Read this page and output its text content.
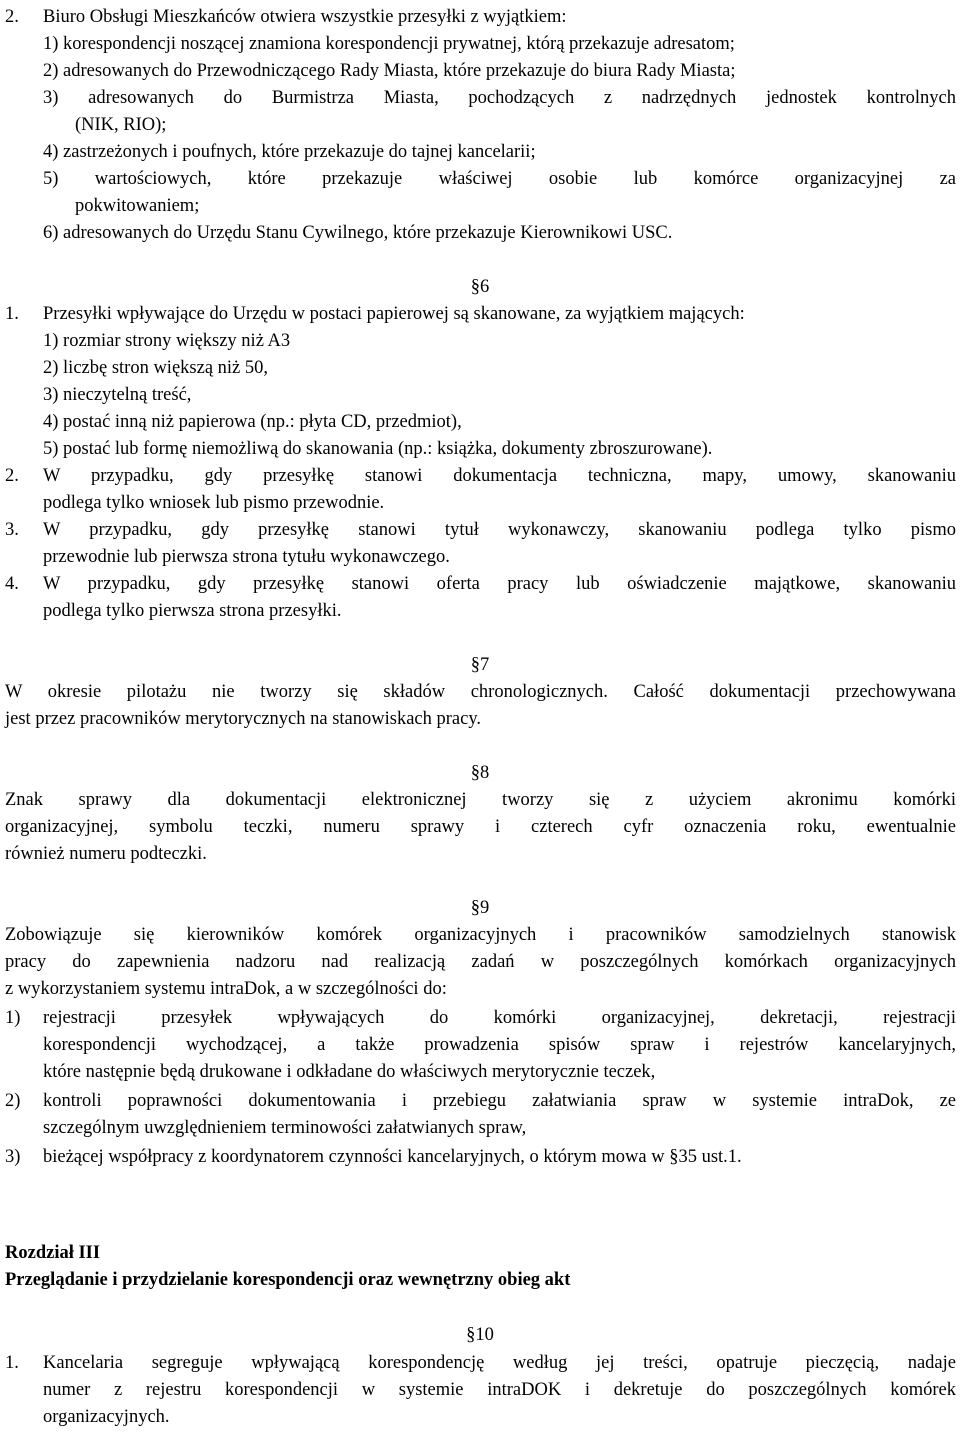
2. Biuro Obsługi Mieszkańców otwiera wszystkie przesyłki z wyjątkiem:
1) korespondencji noszącej znamiona korespondencji prywatnej, którą przekazuje adresatom;
2) adresowanych do Przewodniczącego Rady Miasta, które przekazuje do biura Rady Miasta;
3) adresowanych do Burmistrza Miasta, pochodzących z nadrzędnych jednostek kontrolnych
(NIK, RIO);
4) zastrzeżonych i poufnych, które przekazuje do tajnej kancelarii;
5) wartościowych, które przekazuje właściwej osobie lub komórce organizacyjnej za
pokwitowaniem;
6) adresowanych do Urzędu Stanu Cywilnego, które przekazuje Kierownikowi USC.
§6
1. Przesyłki wpływające do Urzędu w postaci papierowej są skanowane, za wyjątkiem mających:
1) rozmiar strony większy niż A3
2) liczbę stron większą niż 50,
3) nieczytelną treść,
4) postać inną niż papierowa (np.: płyta CD, przedmiot),
5) postać lub formę niemożliwą do skanowania (np.: książka, dokumenty zbroszurowane).
2. W przypadku, gdy przesyłkę stanowi dokumentacja techniczna, mapy, umowy, skanowaniu
podlega tylko wniosek lub pismo przewodnie.
3. W przypadku, gdy przesyłkę stanowi tytuł wykonawczy, skanowaniu podlega tylko pismo
przewodnie lub pierwsza strona tytułu wykonawczego.
4. W przypadku, gdy przesyłkę stanowi oferta pracy lub oświadczenie majątkowe, skanowaniu
podlega tylko pierwsza strona przesyłki.
§7
W okresie pilotażu nie tworzy się składów chronologicznych. Całość dokumentacji przechowywana
jest przez pracowników merytorycznych na stanowiskach pracy.
§8
Znak sprawy dla dokumentacji elektronicznej tworzy się z użyciem akronimu komórki
organizacyjnej, symbolu teczki, numeru sprawy i czterech cyfr oznaczenia roku, ewentualnie
również numeru podteczki.
§9
Zobowiązuje się kierowników komórek organizacyjnych i pracowników samodzielnych stanowisk
pracy do zapewnienia nadzoru nad realizacją zadań w poszczególnych komórkach organizacyjnych
z wykorzystaniem systemu intraDok, a w szczególności do:
1) rejestracji przesyłek wpływających do komórki organizacyjnej, dekretacji, rejestracji
korespondencji wychodzącej, a także prowadzenia spisów spraw i rejestrów kancelaryjnych,
które następnie będą drukowane i odkładane do właściwych merytorycznie teczek,
2) kontroli poprawności dokumentowania i przebiegu załatwiania spraw w systemie intraDok, ze
szczególnym uwzględnieniem terminowości załatwianych spraw,
3) bieżącej współpracy z koordynatorem czynności kancelaryjnych, o którym mowa w §35 ust.1.
Rozdział III
Przeglądanie i przydzielanie korespondencji oraz wewnętrzny obieg akt
§10
1. Kancelaria segreguje wpływającą korespondencję według jej treści, opatruje pieczęcią, nadaje
numer z rejestru korespondencji w systemie intraDOK i dekretuje do poszczególnych komórek
organizacyjnych.
